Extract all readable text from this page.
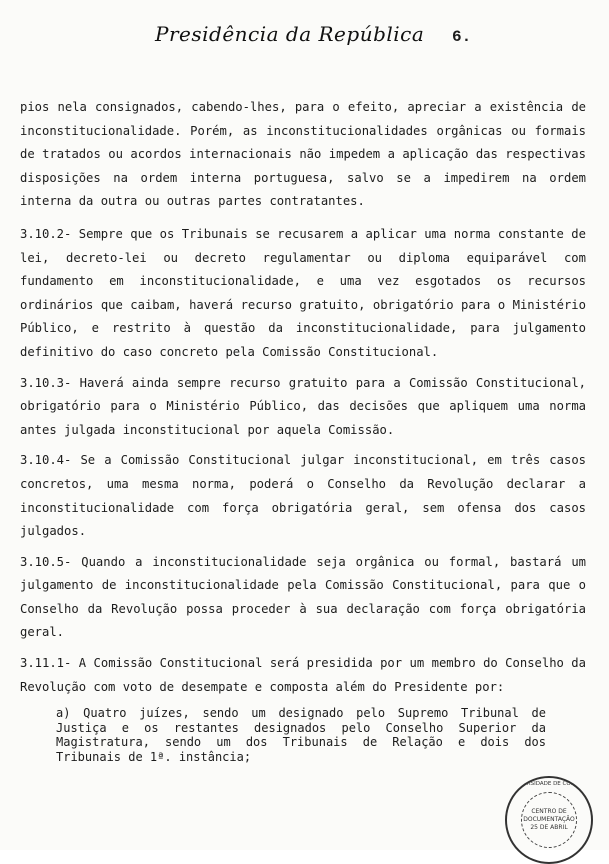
Presidência da República 6.

pios nela consignados, cabendo-lhes, para o efeito, apreciar a existência de inconstitucionalidade. Porém, as inconstitucionalidades orgânicas ou formais de tratados ou acordos internacionais não impedem a aplicação das respectivas disposições na ordem interna portuguesa, salvo se a impedirem na ordem interna da outra ou outras partes contratantes.

3.10.2- Sempre que os Tribunais se recusarem a aplicar uma norma constante de lei, decreto-lei ou decreto regulamentar ou diploma equiparável com fundamento em inconstitucionalidade, e uma vez esgotados os recursos ordinários que caibam, haverá recurso gratuito, obrigatório para o Ministério Público, e restrito à questão da inconstitucionalidade, para julgamento definitivo do caso concreto pela Comissão Constitucional.

3.10.3- Haverá ainda sempre recurso gratuito para a Comissão Constitucional, obrigatório para o Ministério Público, das decisões que apliquem uma norma antes julgada inconstitucional por aquela Comissão.

3.10.4- Se a Comissão Constitucional julgar inconstitucional, em três casos concretos, uma mesma norma, poderá o Conselho da Revolução declarar a inconstitucionalidade com força obrigatória geral, sem ofensa dos casos julgados.

3.10.5- Quando a inconstitucionalidade seja orgânica ou formal, bastará um julgamento de inconstitucionalidade pela Comissão Constitucional, para que o Conselho da Revolução possa proceder à sua declaração com força obrigatória geral.

3.11.1- A Comissão Constitucional será presidida por um membro do Conselho da Revolução com voto de desempate e composta além do Presidente por:

a) Quatro juízes, sendo um designado pelo Supremo Tribunal de Justiça e os restantes designados pelo Conselho Superior da Magistratura, sendo um dos Tribunais de Relação e dois dos Tribunais de 1ª. instância;
UNIVERSIDADE DE COIMBRA
CENTRO DE
DOCUMENTAÇÃO
25 DE ABRIL
